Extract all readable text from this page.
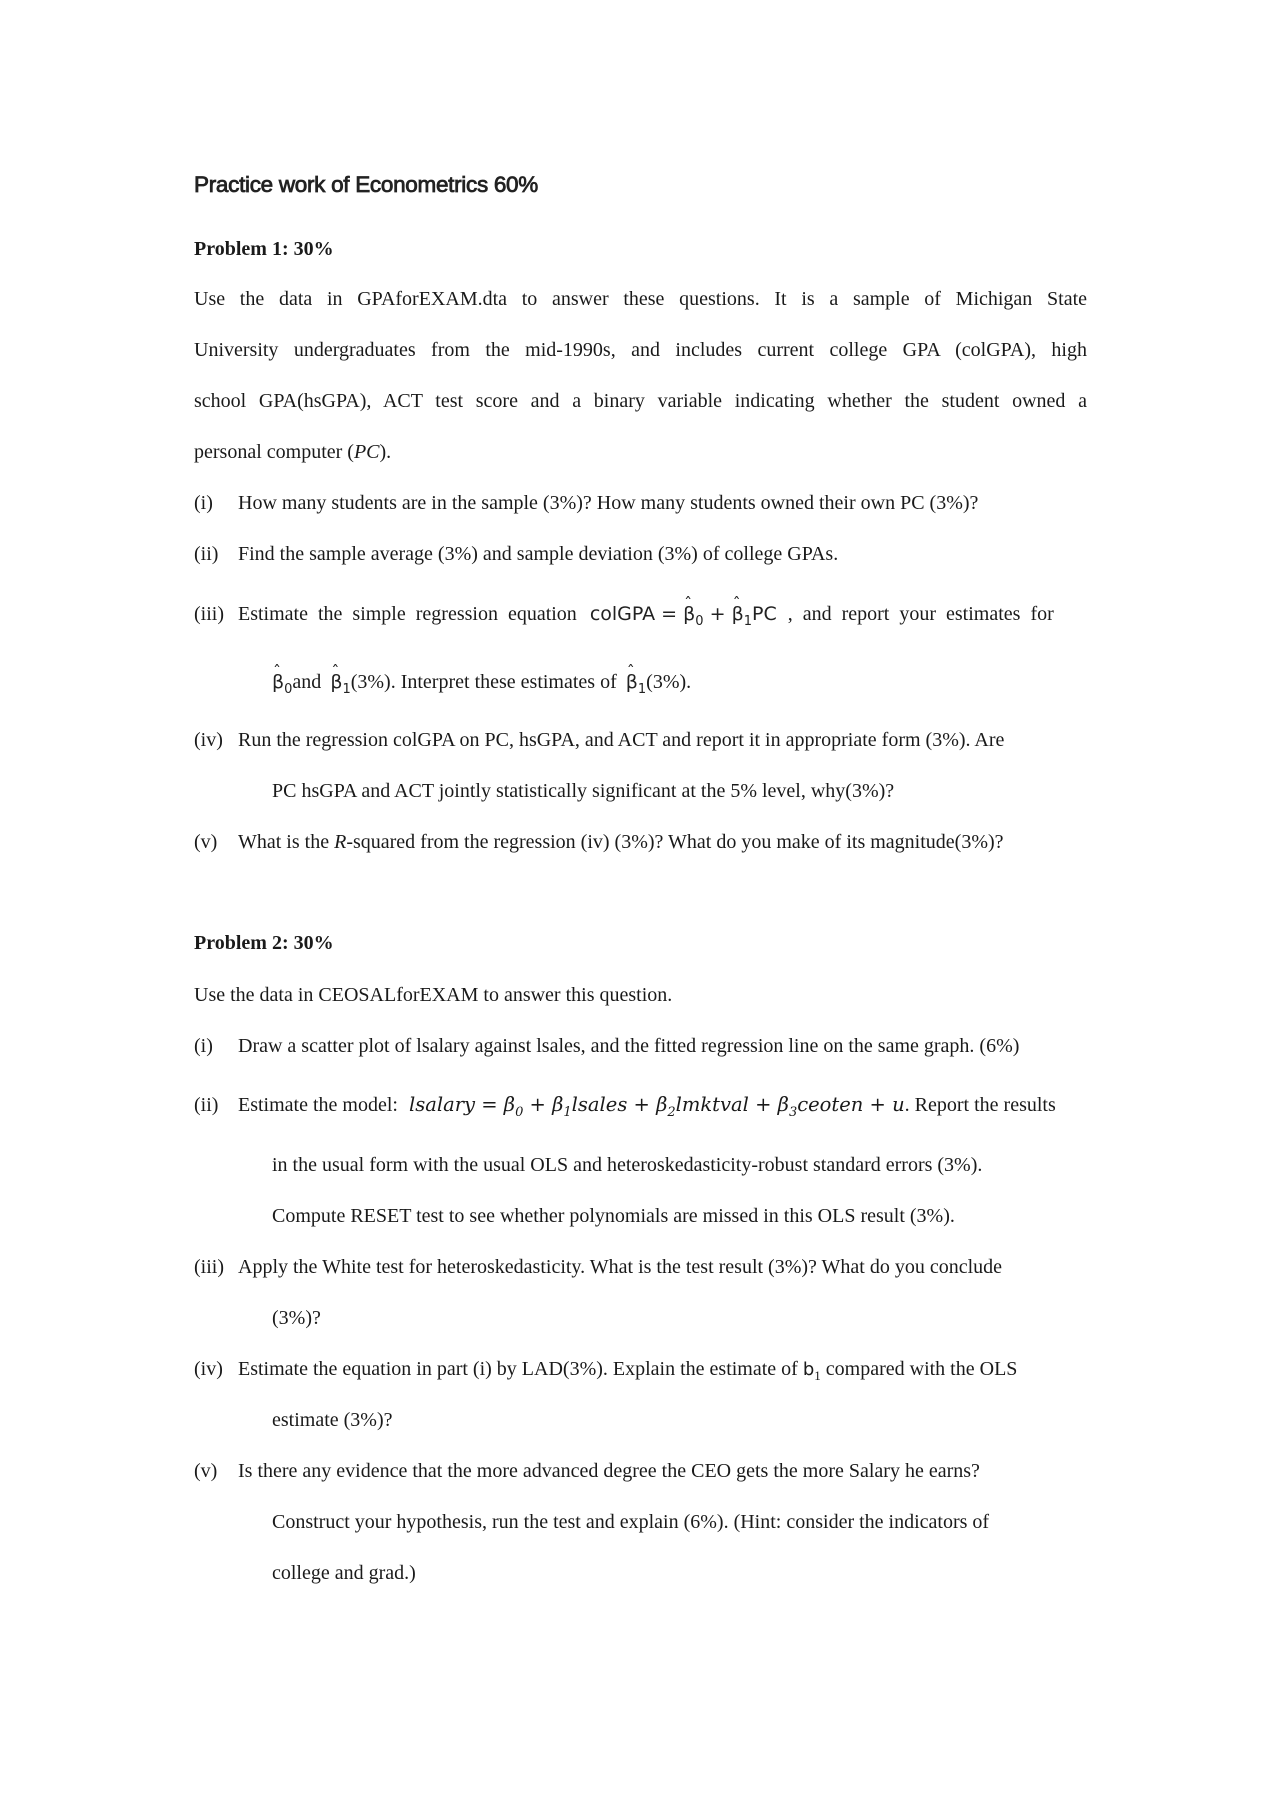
Practice work of Econometrics 60%
Problem 1: 30%
Use the data in GPAforEXAM.dta to answer these questions. It is a sample of Michigan State
University undergraduates from the mid-1990s, and includes current college GPA (colGPA), high
school GPA(hsGPA), ACT test score and a binary variable indicating whether the student owned a
personal computer (PC).
(i) How many students are in the sample (3%)? How many students owned their own PC (3%)?
(ii) Find the sample average (3%) and sample deviation (3%) of college GPAs.
(iii) Estimate the simple regression equation colGPA = ˆ $\beta_0$ + ˆ $\beta_1PC$ , and report your estimates for
ˆ $\beta_0and$ ˆ $\beta_1(3\%)$. Interpret these estimates of ˆ $\beta_1(3\%)$.
(iv) Run the regression colGPA on PC, hsGPA, and ACT and report it in appropriate form (3%). Are
PC hsGPA and ACT jointly statistically significant at the 5% level, why(3%)?
(v) What is the R-squared from the regression (iv) (3%)? What do you make of its magnitude(3%)?
Problem 2: 30%
Use the data in CEOSALforEXAM to answer this question.
(i) Draw a scatter plot of lsalary against lsales, and the fitted regression line on the same graph. (6%)
(ii) Estimate the model: lsalary = $\beta_0$ + $\beta_1lsales$ + $\beta_2lmktval$ + $\beta_3ceoten + u$. Report the results
in the usual form with the usual OLS and heteroskedasticity-robust standard errors (3%).
Compute RESET test to see whether polynomials are missed in this OLS result (3%).
(iii) Apply the White test for heteroskedasticity. What is the test result (3%)? What do you conclude
(3%)?
(iv) Estimate the equation in part (i) by LAD(3%). Explain the estimate of $b_1$ compared with the OLS
estimate (3%)?
(v) Is there any evidence that the more advanced degree the CEO gets the more Salary he earns?
Construct your hypothesis, run the test and explain (6%). (Hint: consider the indicators of
college and grad.)
